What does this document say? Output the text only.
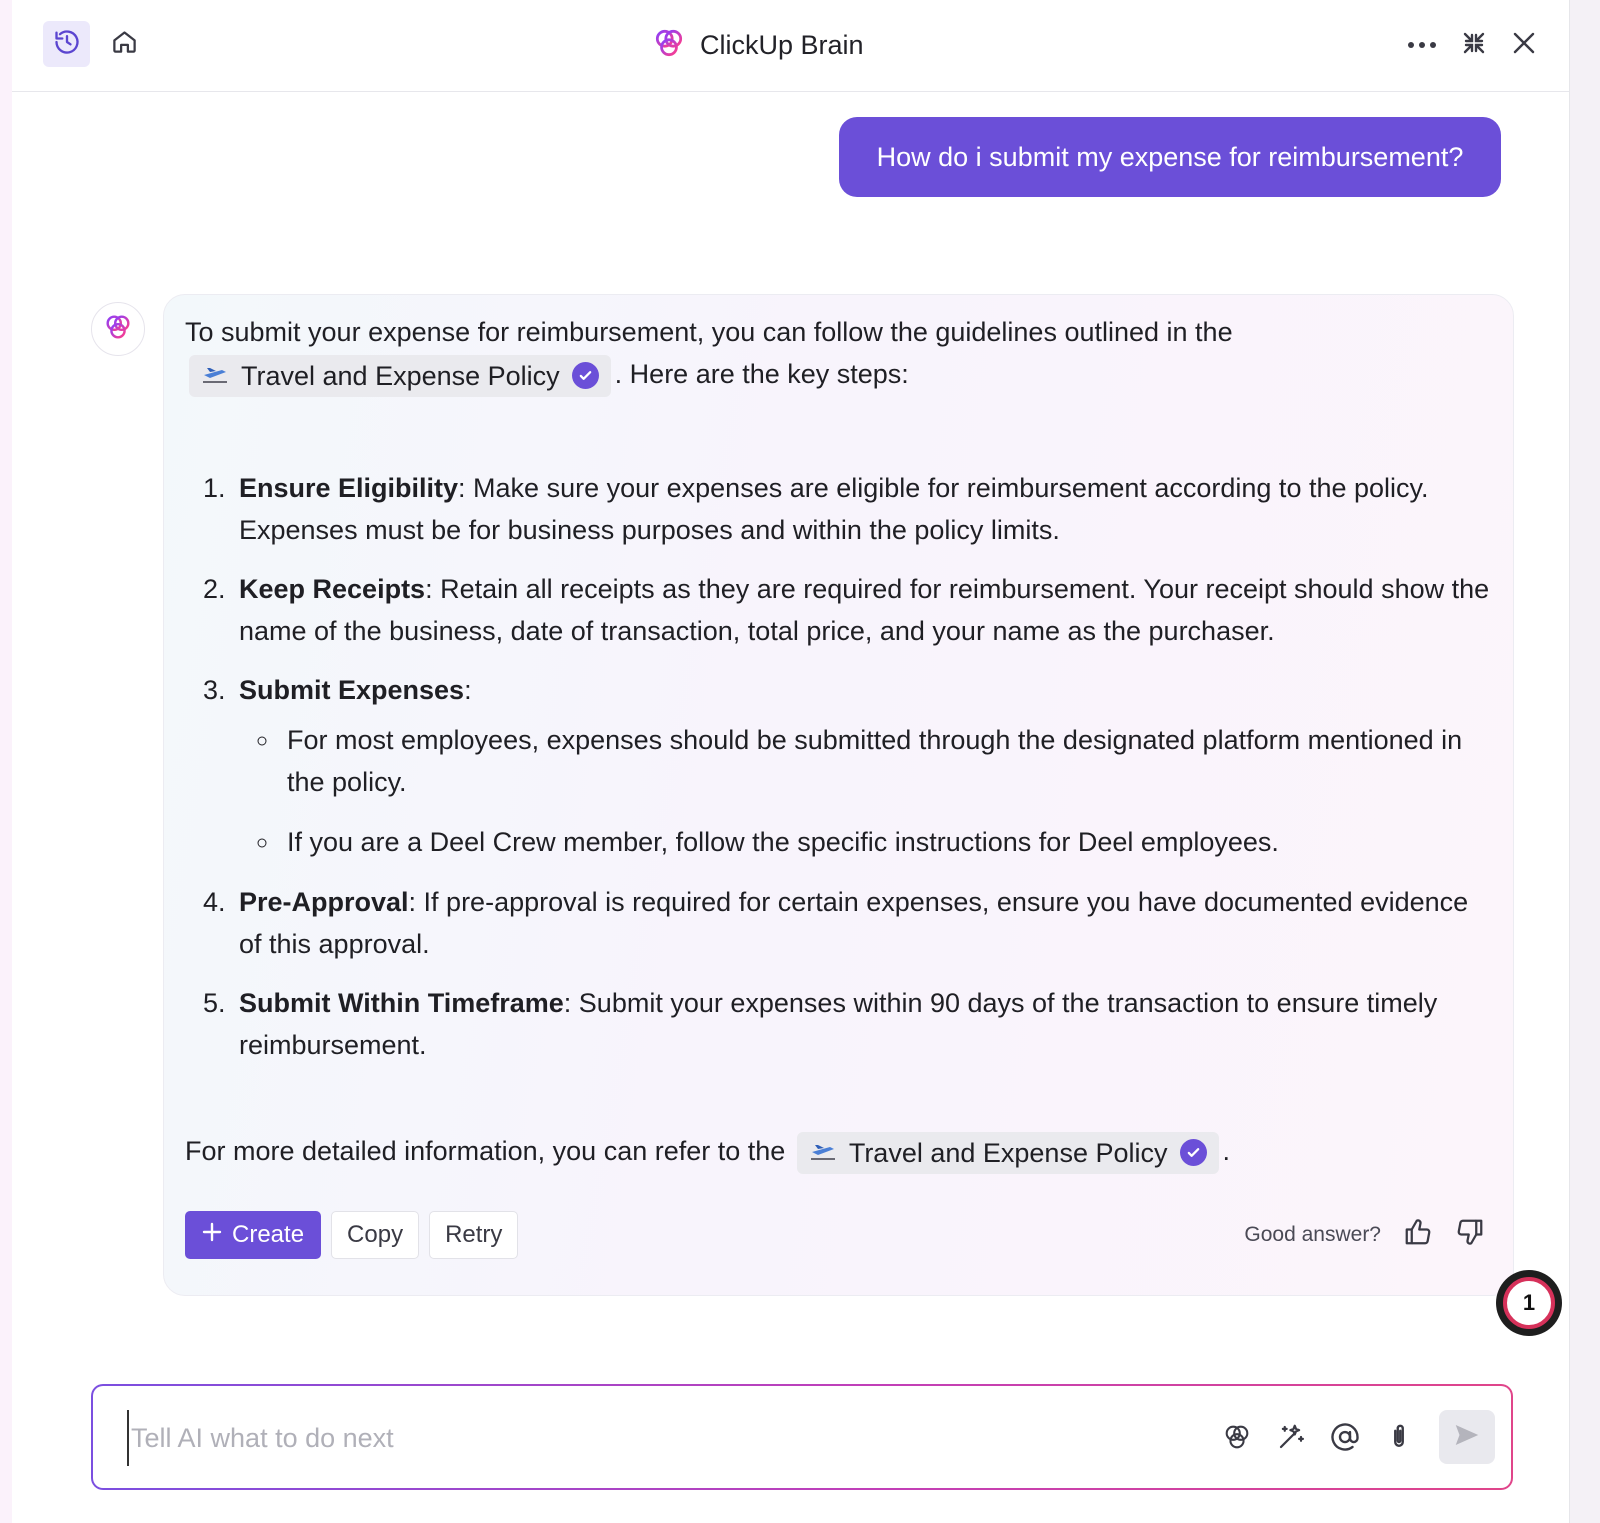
ClickUp Brain
How do i submit my expense for reimbursement?
To submit your expense for reimbursement, you can follow the guidelines outlined in the
Travel and Expense Policy . Here are the key steps:
1. Ensure Eligibility: Make sure your expenses are eligible for reimbursement according to the policy. Expenses must be for business purposes and within the policy limits.
2. Keep Receipts: Retain all receipts as they are required for reimbursement. Your receipt should show the name of the business, date of transaction, total price, and your name as the purchaser.
3. Submit Expenses:
◦ For most employees, expenses should be submitted through the designated platform mentioned in the policy.
◦ If you are a Deel Crew member, follow the specific instructions for Deel employees.
4. Pre-Approval: If pre-approval is required for certain expenses, ensure you have documented evidence of this approval.
5. Submit Within Timeframe: Submit your expenses within 90 days of the transaction to ensure timely reimbursement.
For more detailed information, you can refer to the Travel and Expense Policy .
Create	Copy	Retry	Good answer?
Tell AI what to do next
1
